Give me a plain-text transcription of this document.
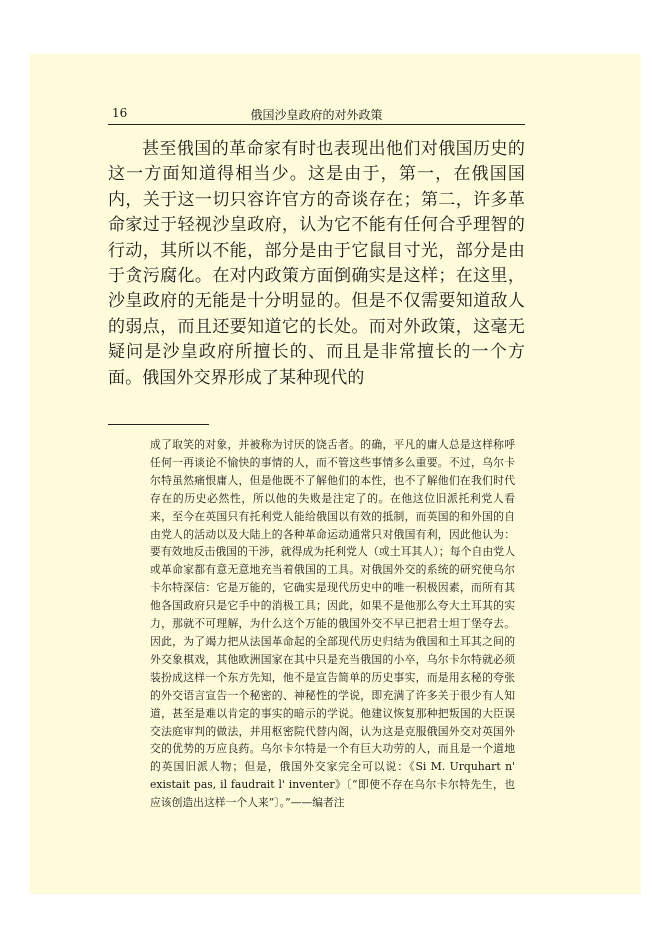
16	俄国沙皇政府的对外政策

甚至俄国的革命家有时也表现出他们对俄国历史的这一方面知道得相当少。这是由于，第一，在俄国国内，关于这一切只容许官方的奇谈存在；第二，许多革命家过于轻视沙皇政府，认为它不能有任何合乎理智的行动，其所以不能，部分是由于它鼠目寸光，部分是由于贪污腐化。在对内政策方面倒确实是这样；在这里，沙皇政府的无能是十分明显的。但是不仅需要知道敌人的弱点，而且还要知道它的长处。而对外政策，这毫无疑问是沙皇政府所擅长的、而且是非常擅长的一个方面。俄国外交界形成了某种现代的

成了取笑的对象，并被称为讨厌的饶舌者。的确，平凡的庸人总是这样称呼任何一再谈论不愉快的事情的人，而不管这些事情多么重要。不过，乌尔卡尔特虽然痛恨庸人，但是他既不了解他们的本性，也不了解他们在我们时代存在的历史必然性，所以他的失败是注定了的。在他这位旧派托利党人看来，至今在英国只有托利党人能给俄国以有效的抵制，而英国的和外国的自由党人的活动以及大陆上的各种革命运动通常只对俄国有利，因此他认为：要有效地反击俄国的干涉，就得成为托利党人（或土耳其人）；每个自由党人或革命家都有意无意地充当着俄国的工具。对俄国外交的系统的研究使乌尔卡尔特深信：它是万能的，它确实是现代历史中的唯一积极因素，而所有其他各国政府只是它手中的消极工具；因此，如果不是他那么夸大土耳其的实力，那就不可理解，为什么这个万能的俄国外交不早已把君士坦丁堡夺去。因此，为了竭力把从法国革命起的全部现代历史归结为俄国和土耳其之间的外交象棋戏，其他欧洲国家在其中只是充当俄国的小卒，乌尔卡尔特就必须装扮成这样一个东方先知，他不是宣告简单的历史事实，而是用玄秘的夸张的外交语言宣告一个秘密的、神秘性的学说，即充满了许多关于很少有人知道，甚至是难以肯定的事实的暗示的学说。他建议恢复那种把叛国的大臣误交法庭审判的做法，并用枢密院代替内阁，认为这是克服俄国外交对英国外交的优势的万应良药。乌尔卡尔特是一个有巨大功劳的人，而且是一个道地的英国旧派人物；但是，俄国外交家完全可以说：《Si M. Urquhart n' existait pas, il faudrait l' inventer》〔“即使不存在乌尔卡尔特先生，也应该创造出这样一个人来”〕。”——编者注
